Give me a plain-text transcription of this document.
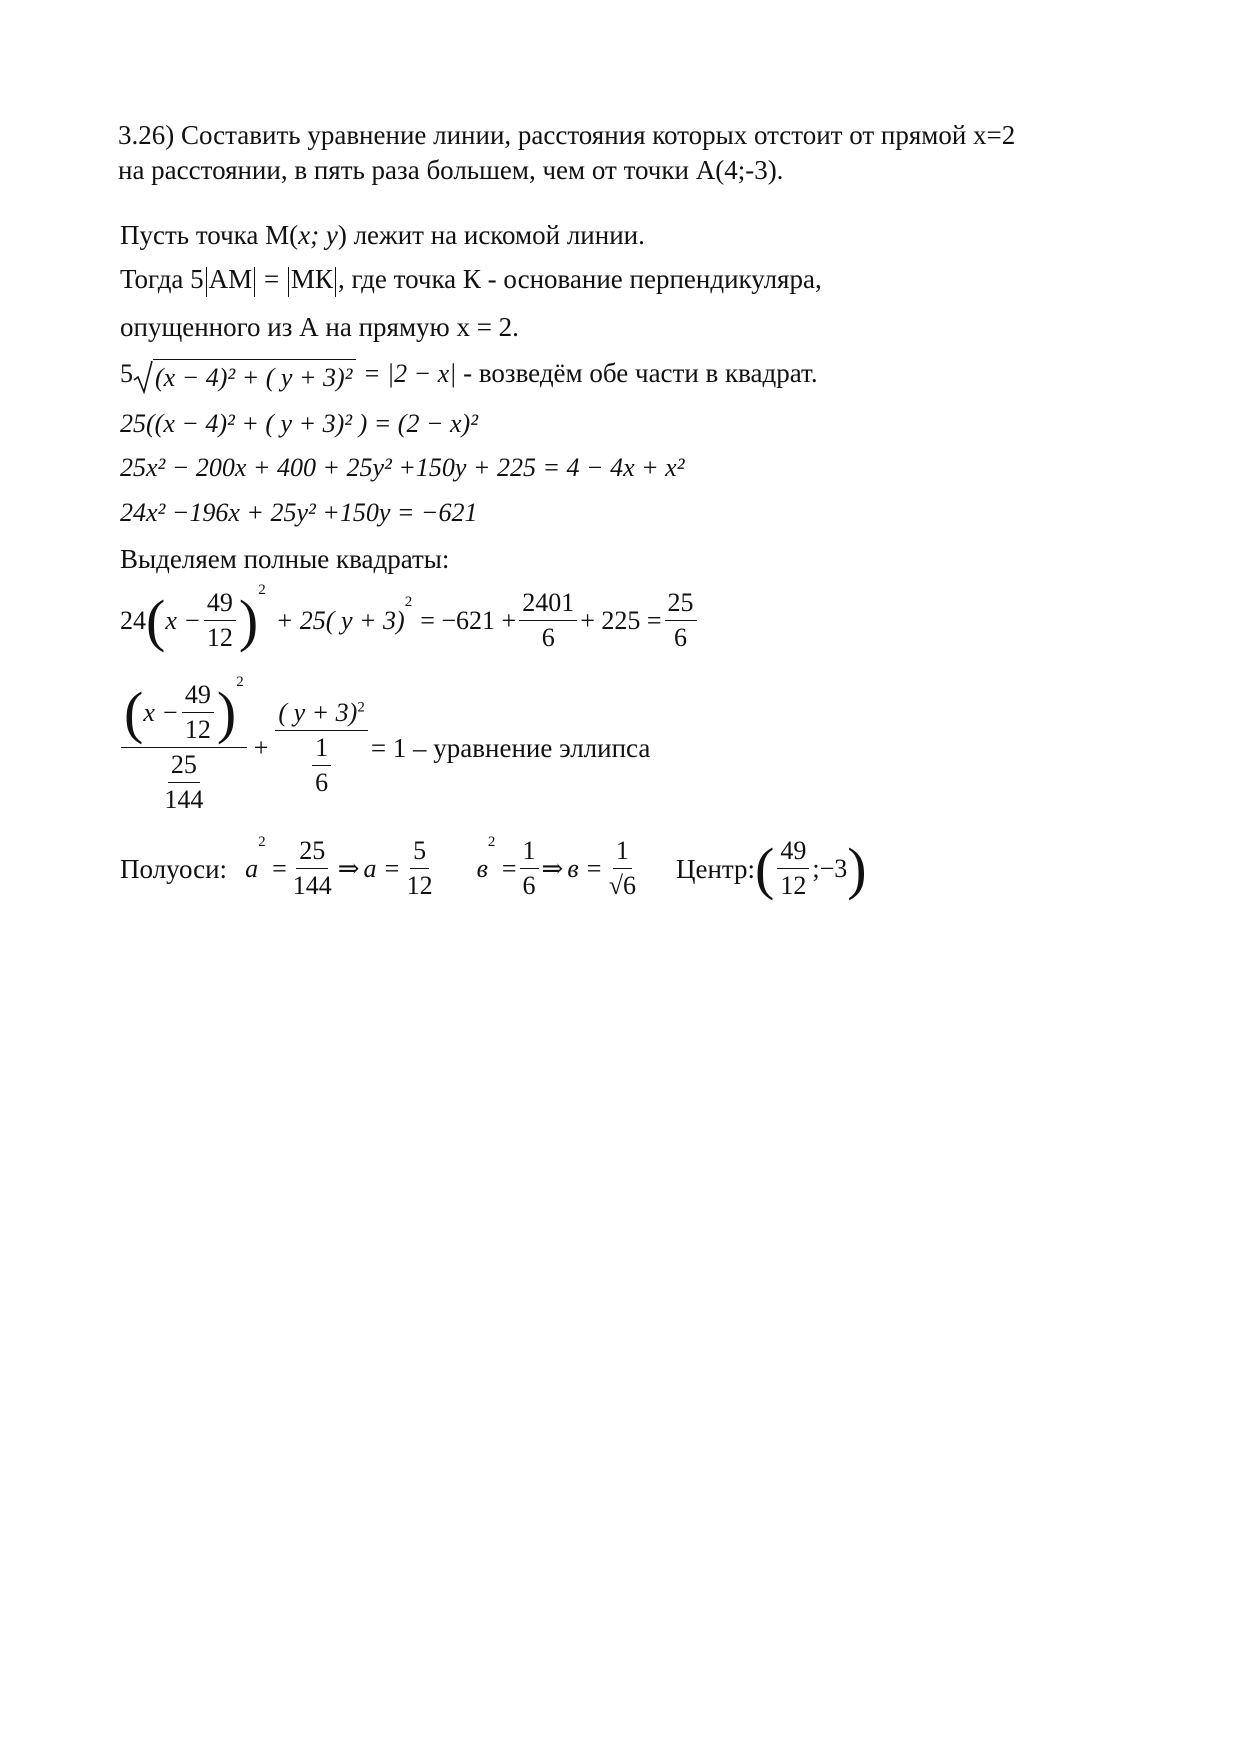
3.26) Составить уравнение линии, расстояния которых отстоит от прямой х=2
на расстоянии, в пять раза большем, чем от точки А(4;-3).
Пусть точка М(x; y) лежит на искомой линии.
Тогда 5 АМ = МК , где точка К - основание перпендикуляра,
опущенного из А на прямую х = 2.
5 (x − 4)² + ( y + 3)² = |2 − x| - возведём обе части в квадрат.
25((x − 4)² + ( y + 3)² ) = (2 − x)²
25x² − 200x + 400 + 25y² +150y + 225 = 4 − 4x + x²
24x² −196x + 25y² +150y = −621
Выделяем полные квадраты:
24 ( $x - \frac{49}{12}$ ) 2
+ 25( y + 3)
2
= $-621 + \frac{2401}{6} + 225 = \frac{25}{6}$
$\frac{( x - \frac{49}{12} ) 2}{\frac{25}{144}} + \frac{( y + 3)^2}{\frac{1}{6}} = 1$ – уравнение эллипса
Полуоси: a
2
= $\frac{25}{144}$ ⇒ $a = \frac{5}{12}$ в
2
= $\frac{1}{6}$ ⇒ $в = \frac{1}{√6}$ Центр: ( $\frac{49}{12}$ ;−3 )
